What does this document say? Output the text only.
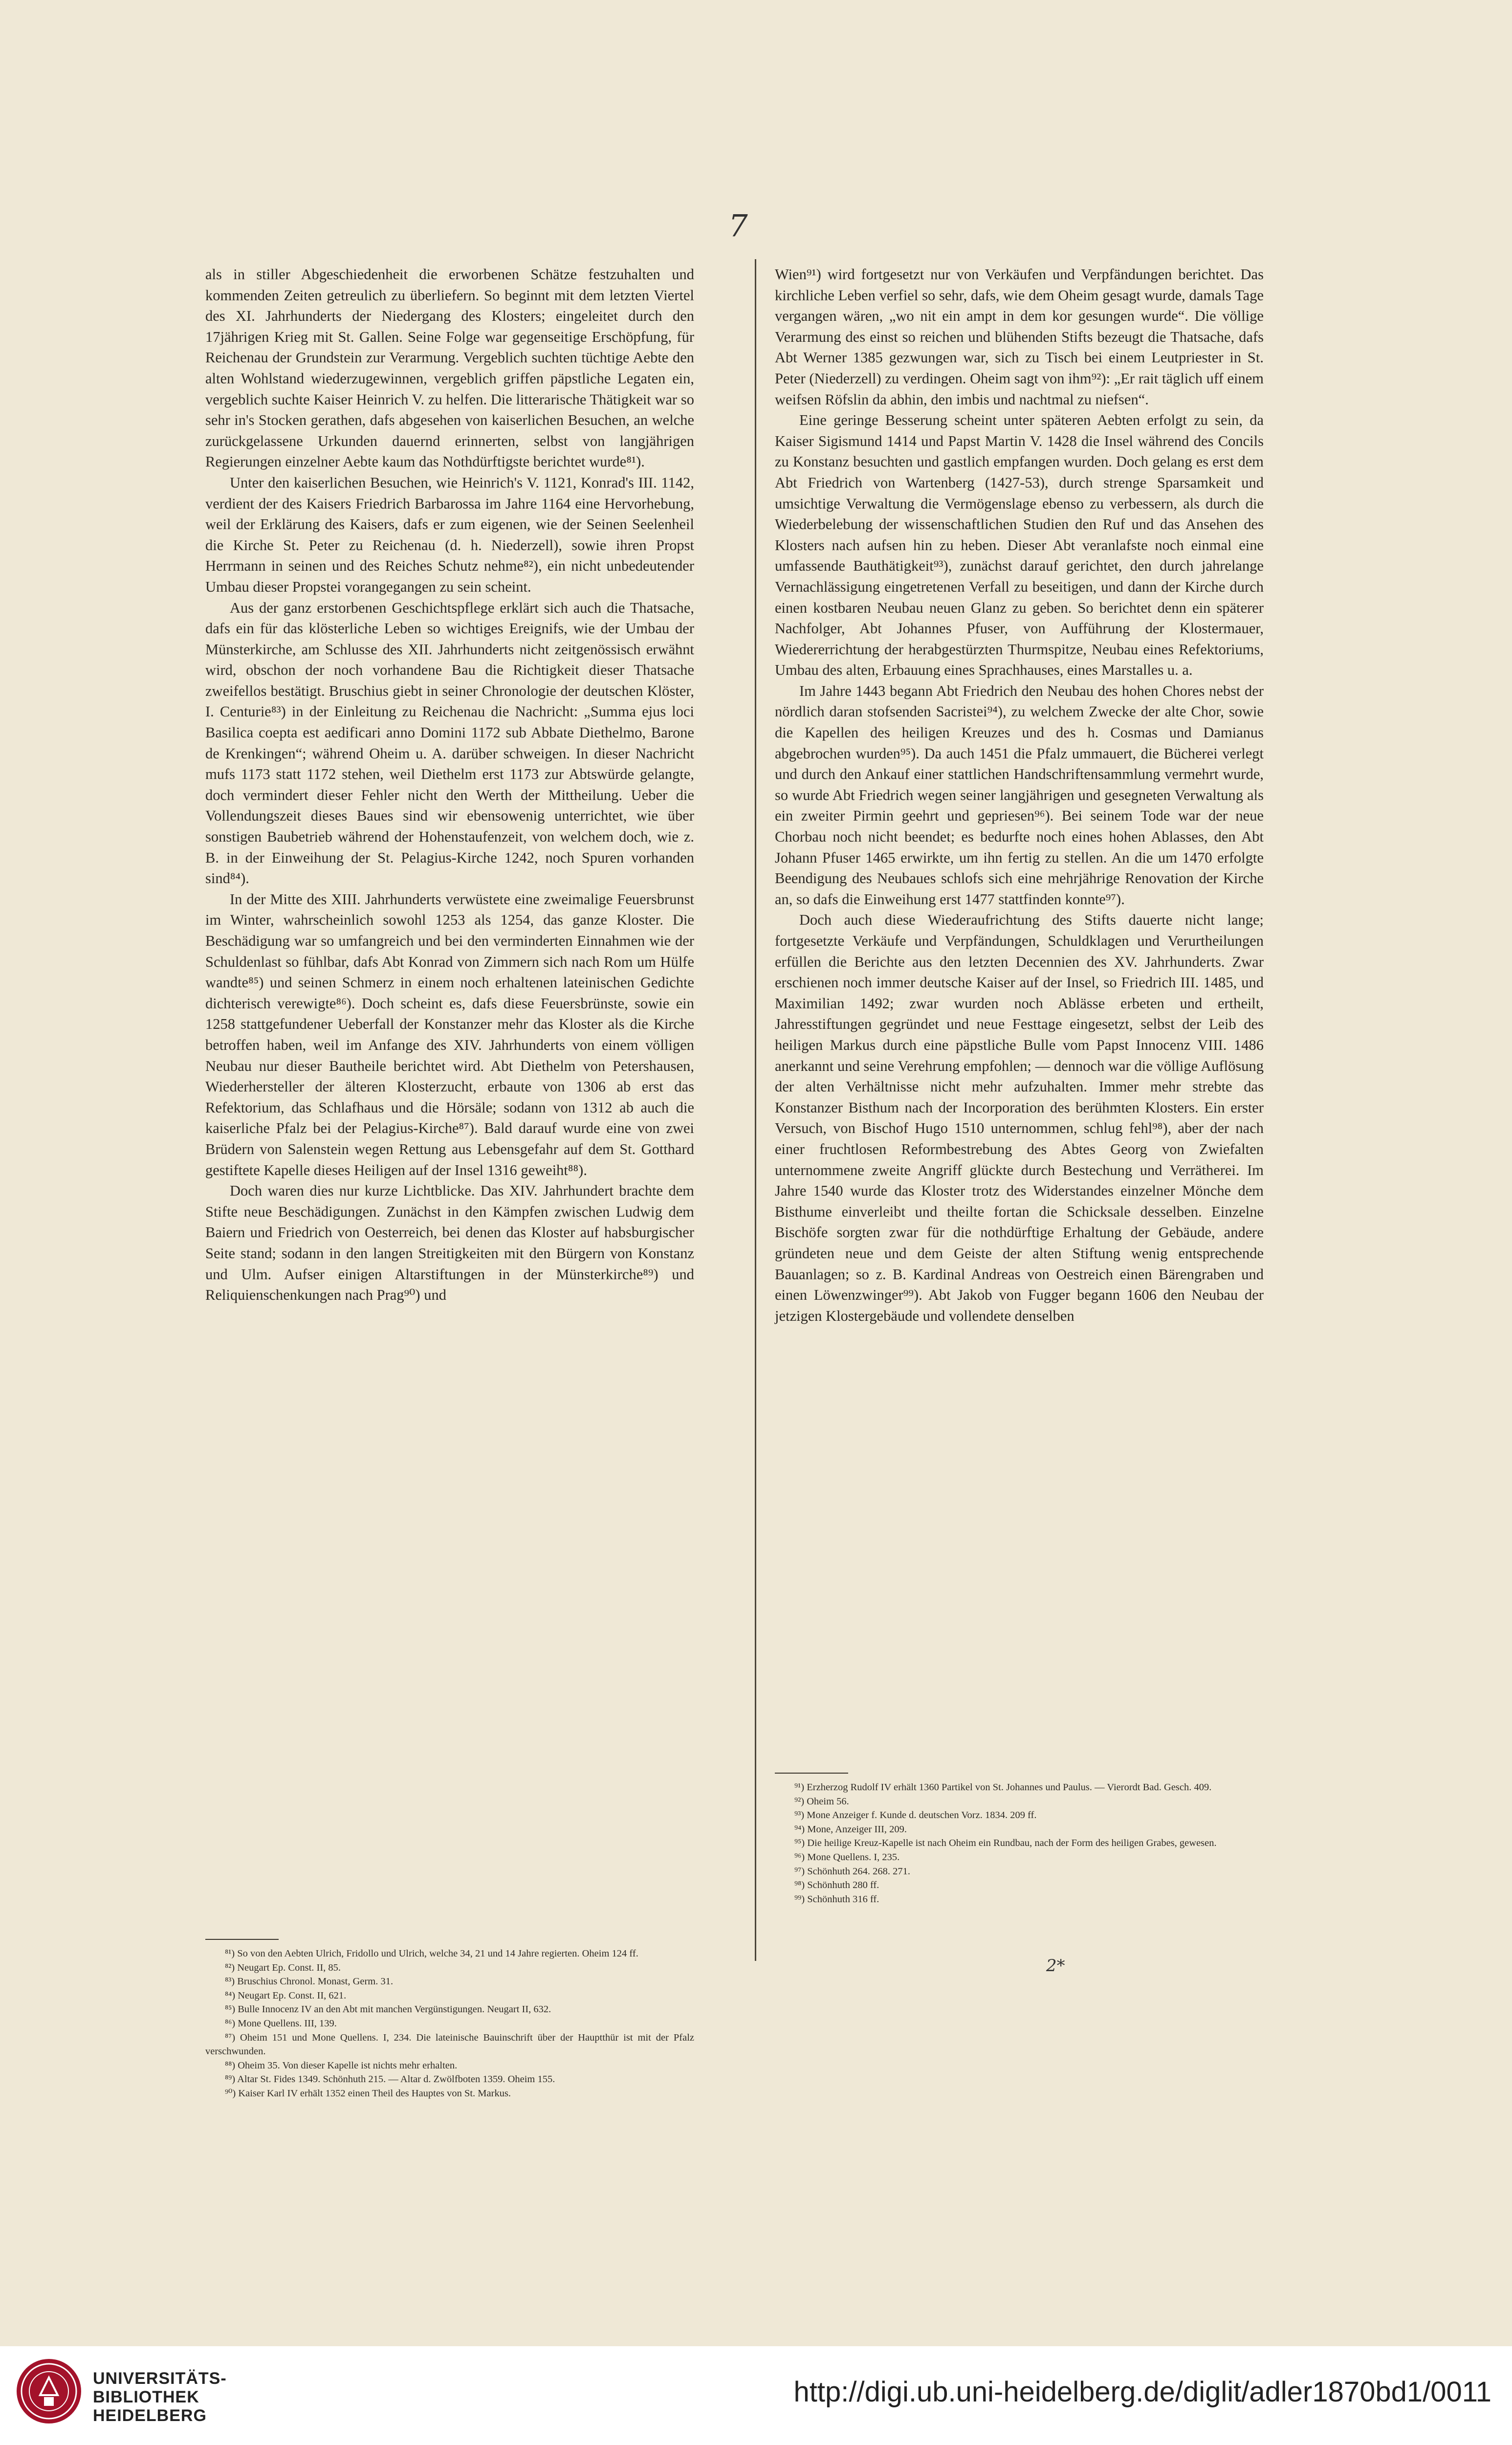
7

als in stiller Abgeschiedenheit die erworbenen Schätze festzuhalten und kommenden Zeiten getreulich zu überliefern. So beginnt mit dem letzten Viertel des XI. Jahrhunderts der Niedergang des Klosters; eingeleitet durch den 17jährigen Krieg mit St. Gallen. Seine Folge war gegenseitige Erschöpfung, für Reichenau der Grundstein zur Verarmung. Vergeblich suchten tüchtige Aebte den alten Wohlstand wiederzugewinnen, vergeblich griffen päpstliche Legaten ein, vergeblich suchte Kaiser Heinrich V. zu helfen. Die litterarische Thätigkeit war so sehr in's Stocken gerathen, dafs abgesehen von kaiserlichen Besuchen, an welche zurückgelassene Urkunden dauernd erinnerten, selbst von langjährigen Regierungen einzelner Aebte kaum das Nothdürftigste berichtet wurde⁸¹).

Unter den kaiserlichen Besuchen, wie Heinrich's V. 1121, Konrad's III. 1142, verdient der des Kaisers Friedrich Barbarossa im Jahre 1164 eine Hervorhebung, weil der Erklärung des Kaisers, dafs er zum eigenen, wie der Seinen Seelenheil die Kirche St. Peter zu Reichenau (d. h. Niederzell), sowie ihren Propst Herrmann in seinen und des Reiches Schutz nehme⁸²), ein nicht unbedeutender Umbau dieser Propstei vorangegangen zu sein scheint.

Aus der ganz erstorbenen Geschichtspflege erklärt sich auch die Thatsache, dafs ein für das klösterliche Leben so wichtiges Ereignifs, wie der Umbau der Münsterkirche, am Schlusse des XII. Jahrhunderts nicht zeitgenössisch erwähnt wird, obschon der noch vorhandene Bau die Richtigkeit dieser Thatsache zweifellos bestätigt. Bruschius giebt in seiner Chronologie der deutschen Klöster, I. Centurie⁸³) in der Einleitung zu Reichenau die Nachricht: „Summa ejus loci Basilica coepta est aedificari anno Domini 1172 sub Abbate Diethelmo, Barone de Krenkingen“; während Oheim u. A. darüber schweigen. In dieser Nachricht mufs 1173 statt 1172 stehen, weil Diethelm erst 1173 zur Abtswürde gelangte, doch vermindert dieser Fehler nicht den Werth der Mittheilung. Ueber die Vollendungszeit dieses Baues sind wir ebensowenig unterrichtet, wie über sonstigen Baubetrieb während der Hohenstaufenzeit, von welchem doch, wie z. B. in der Einweihung der St. Pelagius-Kirche 1242, noch Spuren vorhanden sind⁸⁴).

In der Mitte des XIII. Jahrhunderts verwüstete eine zweimalige Feuersbrunst im Winter, wahrscheinlich sowohl 1253 als 1254, das ganze Kloster. Die Beschädigung war so umfangreich und bei den verminderten Einnahmen wie der Schuldenlast so fühlbar, dafs Abt Konrad von Zimmern sich nach Rom um Hülfe wandte⁸⁵) und seinen Schmerz in einem noch erhaltenen lateinischen Gedichte dichterisch verewigte⁸⁶). Doch scheint es, dafs diese Feuersbrünste, sowie ein 1258 stattgefundener Ueberfall der Konstanzer mehr das Kloster als die Kirche betroffen haben, weil im Anfange des XIV. Jahrhunderts von einem völligen Neubau nur dieser Bautheile berichtet wird. Abt Diethelm von Petershausen, Wiederhersteller der älteren Klosterzucht, erbaute von 1306 ab erst das Refektorium, das Schlafhaus und die Hörsäle; sodann von 1312 ab auch die kaiserliche Pfalz bei der Pelagius-Kirche⁸⁷). Bald darauf wurde eine von zwei Brüdern von Salenstein wegen Rettung aus Lebensgefahr auf dem St. Gotthard gestiftete Kapelle dieses Heiligen auf der Insel 1316 geweiht⁸⁸).

Doch waren dies nur kurze Lichtblicke. Das XIV. Jahrhundert brachte dem Stifte neue Beschädigungen. Zunächst in den Kämpfen zwischen Ludwig dem Baiern und Friedrich von Oesterreich, bei denen das Kloster auf habsburgischer Seite stand; sodann in den langen Streitigkeiten mit den Bürgern von Konstanz und Ulm. Aufser einigen Altarstiftungen in der Münsterkirche⁸⁹) und Reliquienschenkungen nach Prag⁹⁰) und

Wien⁹¹) wird fortgesetzt nur von Verkäufen und Verpfändungen berichtet. Das kirchliche Leben verfiel so sehr, dafs, wie dem Oheim gesagt wurde, damals Tage vergangen wären, „wo nit ein ampt in dem kor gesungen wurde“. Die völlige Verarmung des einst so reichen und blühenden Stifts bezeugt die Thatsache, dafs Abt Werner 1385 gezwungen war, sich zu Tisch bei einem Leutpriester in St. Peter (Niederzell) zu verdingen. Oheim sagt von ihm⁹²): „Er rait täglich uff einem weifsen Röfslin da abhin, den imbis und nachtmal zu niefsen“.

Eine geringe Besserung scheint unter späteren Aebten erfolgt zu sein, da Kaiser Sigismund 1414 und Papst Martin V. 1428 die Insel während des Concils zu Konstanz besuchten und gastlich empfangen wurden. Doch gelang es erst dem Abt Friedrich von Wartenberg (1427-53), durch strenge Sparsamkeit und umsichtige Verwaltung die Vermögenslage ebenso zu verbessern, als durch die Wiederbelebung der wissenschaftlichen Studien den Ruf und das Ansehen des Klosters nach aufsen hin zu heben. Dieser Abt veranlafste noch einmal eine umfassende Bauthätigkeit⁹³), zunächst darauf gerichtet, den durch jahrelange Vernachlässigung eingetretenen Verfall zu beseitigen, und dann der Kirche durch einen kostbaren Neubau neuen Glanz zu geben. So berichtet denn ein späterer Nachfolger, Abt Johannes Pfuser, von Aufführung der Klostermauer, Wiedererrichtung der herabgestürzten Thurmspitze, Neubau eines Refektoriums, Umbau des alten, Erbauung eines Sprachhauses, eines Marstalles u. a.

Im Jahre 1443 begann Abt Friedrich den Neubau des hohen Chores nebst der nördlich daran stofsenden Sacristei⁹⁴), zu welchem Zwecke der alte Chor, sowie die Kapellen des heiligen Kreuzes und des h. Cosmas und Damianus abgebrochen wurden⁹⁵). Da auch 1451 die Pfalz ummauert, die Bücherei verlegt und durch den Ankauf einer stattlichen Handschriftensammlung vermehrt wurde, so wurde Abt Friedrich wegen seiner langjährigen und gesegneten Verwaltung als ein zweiter Pirmin geehrt und gepriesen⁹⁶). Bei seinem Tode war der neue Chorbau noch nicht beendet; es bedurfte noch eines hohen Ablasses, den Abt Johann Pfuser 1465 erwirkte, um ihn fertig zu stellen. An die um 1470 erfolgte Beendigung des Neubaues schlofs sich eine mehrjährige Renovation der Kirche an, so dafs die Einweihung erst 1477 stattfinden konnte⁹⁷).

Doch auch diese Wiederaufrichtung des Stifts dauerte nicht lange; fortgesetzte Verkäufe und Verpfändungen, Schuldklagen und Verurtheilungen erfüllen die Berichte aus den letzten Decennien des XV. Jahrhunderts. Zwar erschienen noch immer deutsche Kaiser auf der Insel, so Friedrich III. 1485, und Maximilian 1492; zwar wurden noch Ablässe erbeten und ertheilt, Jahresstiftungen gegründet und neue Festtage eingesetzt, selbst der Leib des heiligen Markus durch eine päpstliche Bulle vom Papst Innocenz VIII. 1486 anerkannt und seine Verehrung empfohlen; — dennoch war die völlige Auflösung der alten Verhältnisse nicht mehr aufzuhalten. Immer mehr strebte das Konstanzer Bisthum nach der Incorporation des berühmten Klosters. Ein erster Versuch, von Bischof Hugo 1510 unternommen, schlug fehl⁹⁸), aber der nach einer fruchtlosen Reformbestrebung des Abtes Georg von Zwiefalten unternommene zweite Angriff glückte durch Bestechung und Verrätherei. Im Jahre 1540 wurde das Kloster trotz des Widerstandes einzelner Mönche dem Bisthume einverleibt und theilte fortan die Schicksale desselben. Einzelne Bischöfe sorgten zwar für die nothdürftige Erhaltung der Gebäude, andere gründeten neue und dem Geiste der alten Stiftung wenig entsprechende Bauanlagen; so z. B. Kardinal Andreas von Oestreich einen Bärengraben und einen Löwenzwinger⁹⁹). Abt Jakob von Fugger begann 1606 den Neubau der jetzigen Klostergebäude und vollendete denselben

⁸¹) So von den Aebten Ulrich, Fridollo und Ulrich, welche 34, 21 und 14 Jahre regierten. Oheim 124 ff.

⁸²) Neugart Ep. Const. II, 85.

⁸³) Bruschius Chronol. Monast, Germ. 31.

⁸⁴) Neugart Ep. Const. II, 621.

⁸⁵) Bulle Innocenz IV an den Abt mit manchen Vergünstigungen. Neugart II, 632.

⁸⁶) Mone Quellens. III, 139.

⁸⁷) Oheim 151 und Mone Quellens. I, 234. Die lateinische Bauinschrift über der Hauptthür ist mit der Pfalz verschwunden.

⁸⁸) Oheim 35. Von dieser Kapelle ist nichts mehr erhalten.

⁸⁹) Altar St. Fides 1349. Schönhuth 215. — Altar d. Zwölfboten 1359. Oheim 155.

⁹⁰) Kaiser Karl IV erhält 1352 einen Theil des Hauptes von St. Markus.

⁹¹) Erzherzog Rudolf IV erhält 1360 Partikel von St. Johannes und Paulus. — Vierordt Bad. Gesch. 409.

⁹²) Oheim 56.

⁹³) Mone Anzeiger f. Kunde d. deutschen Vorz. 1834. 209 ff.

⁹⁴) Mone, Anzeiger III, 209.

⁹⁵) Die heilige Kreuz-Kapelle ist nach Oheim ein Rundbau, nach der Form des heiligen Grabes, gewesen.

⁹⁶) Mone Quellens. I, 235.

⁹⁷) Schönhuth 264. 268. 271.

⁹⁸) Schönhuth 280 ff.

⁹⁹) Schönhuth 316 ff.

2*
UNIVERSITÄTS-
BIBLIOTHEK
HEIDELBERG
http://digi.ub.uni-heidelberg.de/diglit/adler1870bd1/0011
